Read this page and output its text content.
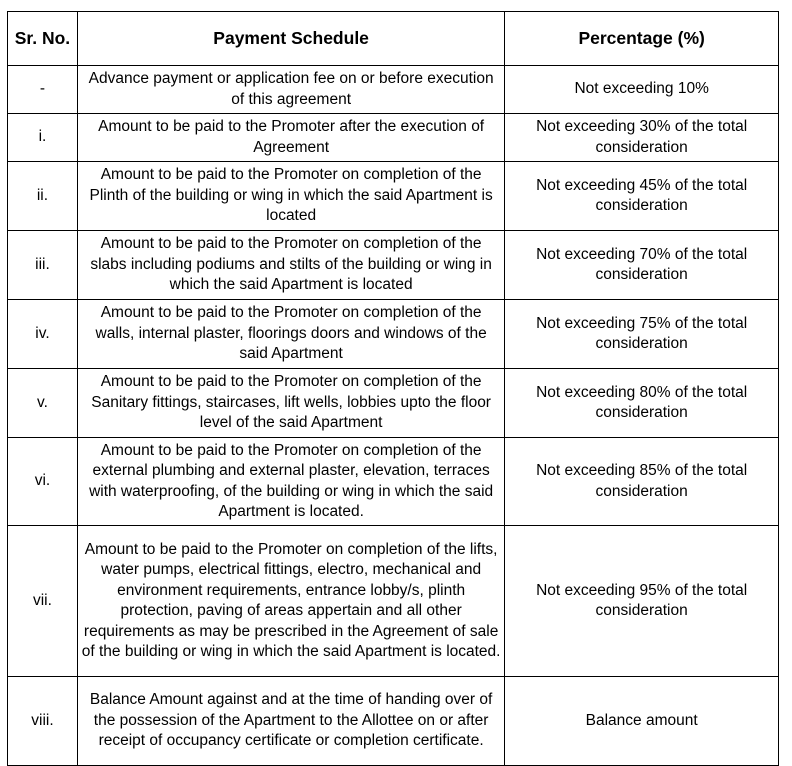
Sr. No.	Payment Schedule	Percentage (%)
-	Advance payment or application fee on or before execution of this agreement	Not exceeding 10%
i.	Amount to be paid to the Promoter after the execution of Agreement	Not exceeding 30% of the total consideration
ii.	Amount to be paid to the Promoter on completion of the Plinth of the building or wing in which the said Apartment is located	Not exceeding 45% of the total consideration
iii.	Amount to be paid to the Promoter on completion of the slabs including podiums and stilts of the building or wing in which the said Apartment is located	Not exceeding 70% of the total consideration
iv.	Amount to be paid to the Promoter on completion of the walls, internal plaster, floorings doors and windows of the said Apartment	Not exceeding 75% of the total consideration
v.	Amount to be paid to the Promoter on completion of the Sanitary fittings, staircases, lift wells, lobbies upto the floor level of the said Apartment	Not exceeding 80% of the total consideration
vi.	Amount to be paid to the Promoter on completion of the external plumbing and external plaster, elevation, terraces with waterproofing, of the building or wing in which the said Apartment is located.	Not exceeding 85% of the total consideration
vii.	Amount to be paid to the Promoter on completion of the lifts, water pumps, electrical fittings, electro, mechanical and environment requirements, entrance lobby/s, plinth protection, paving of areas appertain and all other requirements as may be prescribed in the Agreement of sale of the building or wing in which the said Apartment is located.	Not exceeding 95% of the total consideration
viii.	Balance Amount against and at the time of handing over of the possession of the Apartment to the Allottee on or after receipt of occupancy certificate or completion certificate.	Balance amount
